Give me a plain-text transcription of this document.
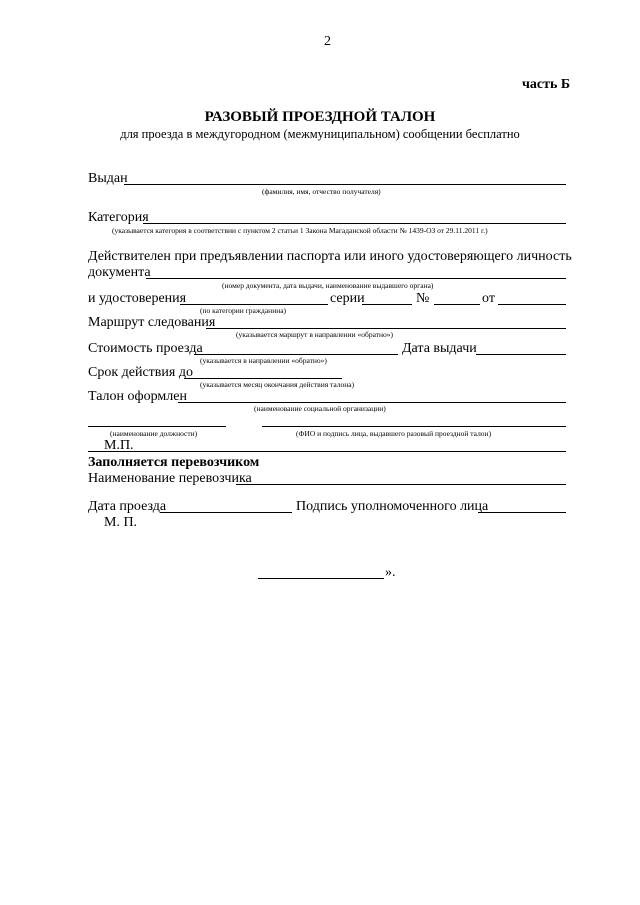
2
часть Б
РАЗОВЫЙ ПРОЕЗДНОЙ ТАЛОН
для проезда в междугородном (межмуниципальном) сообщении бесплатно
Выдан
(фамилия, имя, отчество получателя)
Категория
(указывается категория в соответствии с пунктом 2 статьи 1 Закона Магаданской области № 1439-ОЗ от 29.11.2011 г.)
Действителен при предъявлении паспорта или иного удостоверяющего личность
документа
(номер документа, дата выдачи, наименование выдавшего органа)
и удостоверения	серии	№	от
(по категории гражданина)
Маршрут следования
(указывается маршрут в направлении «обратно»)
Стоимость проезда	Дата выдачи
(указывается в направлении «обратно»)
Срок действия до
(указывается месяц окончания действия талона)
Талон оформлен
(наименование социальной организации)
(наименование должности)	(ФИО и подпись лица, выдавшего разовый проездной талон)
М.П.
Заполняется перевозчиком
Наименование перевозчика
Дата проезда	Подпись уполномоченного лица
М. П.
».
